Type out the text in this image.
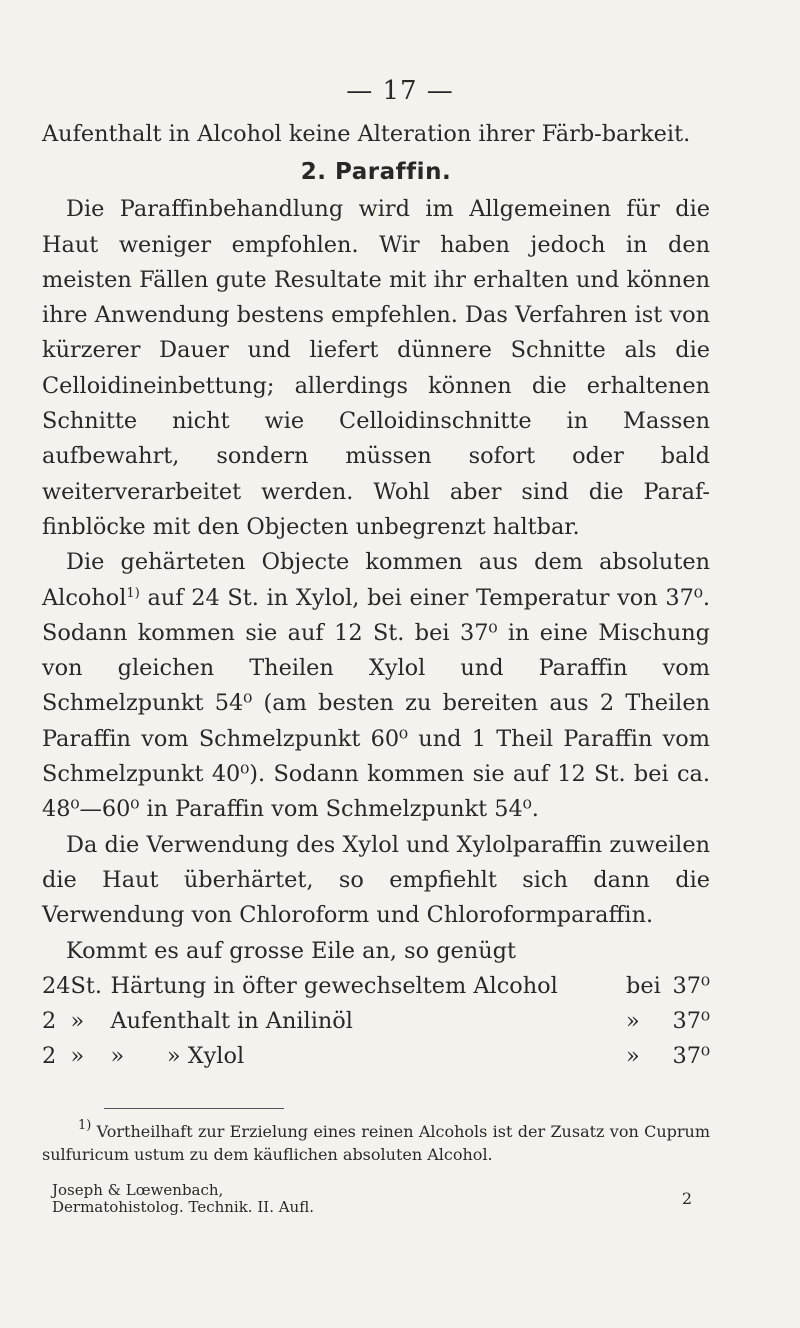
— 17 —

Aufenthalt in Alcohol keine Alteration ihrer Färb-barkeit.

2. Paraffin.

Die Paraffinbehandlung wird im Allgemeinen für die Haut weniger empfohlen. Wir haben jedoch in den meisten Fällen gute Resultate mit ihr erhalten und können ihre Anwendung bestens empfehlen. Das Verfahren ist von kürzerer Dauer und liefert dünnere Schnitte als die Celloidineinbettung; allerdings können die erhaltenen Schnitte nicht wie Celloidinschnitte in Massen aufbewahrt, sondern müssen sofort oder bald weiterverarbeitet werden. Wohl aber sind die Paraf-finblöcke mit den Objecten unbegrenzt haltbar.

Die gehärteten Objecte kommen aus dem absoluten Alcohol$^{1)}$ auf 24 St. in Xylol, bei einer Temperatur von 37⁰. Sodann kommen sie auf 12 St. bei 37⁰ in eine Mischung von gleichen Theilen Xylol und Paraffin vom Schmelzpunkt 54⁰ (am besten zu bereiten aus 2 Theilen Paraffin vom Schmelzpunkt 60⁰ und 1 Theil Paraffin vom Schmelzpunkt 40⁰). Sodann kommen sie auf 12 St. bei ca. 48⁰—60⁰ in Paraffin vom Schmelzpunkt 54⁰.

Da die Verwendung des Xylol und Xylolparaffin zuweilen die Haut überhärtet, so empfiehlt sich dann die Verwendung von Chloroform und Chloroformparaffin.

Kommt es auf grosse Eile an, so genügt

24	St.	Härtung in öfter gewechseltem Alcohol	bei	37⁰
2	»	Aufenthalt in Anilinöl	»	37⁰
2	»	»      » Xylol	»	37⁰
$^{1)}$ Vortheilhaft zur Erzielung eines reinen Alcohols ist der Zusatz von Cuprum sulfuricum ustum zu dem käuflichen absoluten Alcohol.
Joseph & Lœwenbach,
Dermatohistolog. Technik. II. Aufl.	2
